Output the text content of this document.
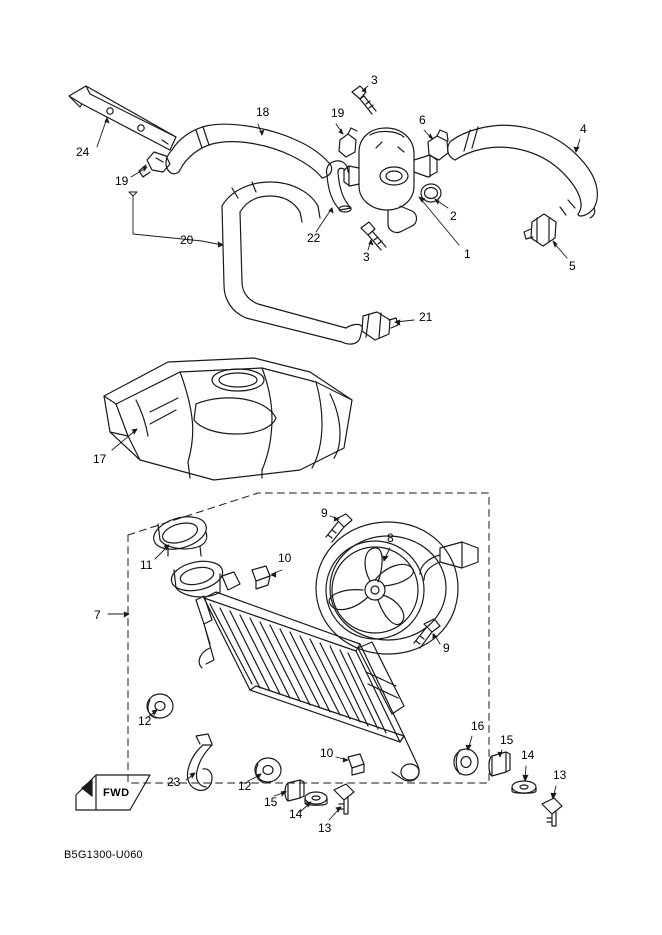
3
18	19	6
4
24
19
2
20	22
3	1
5
21
17
9
8
11	10
7
9
12	16
15
10	14
23	12
13
15
14
13
FWD
B5G1300-U060
